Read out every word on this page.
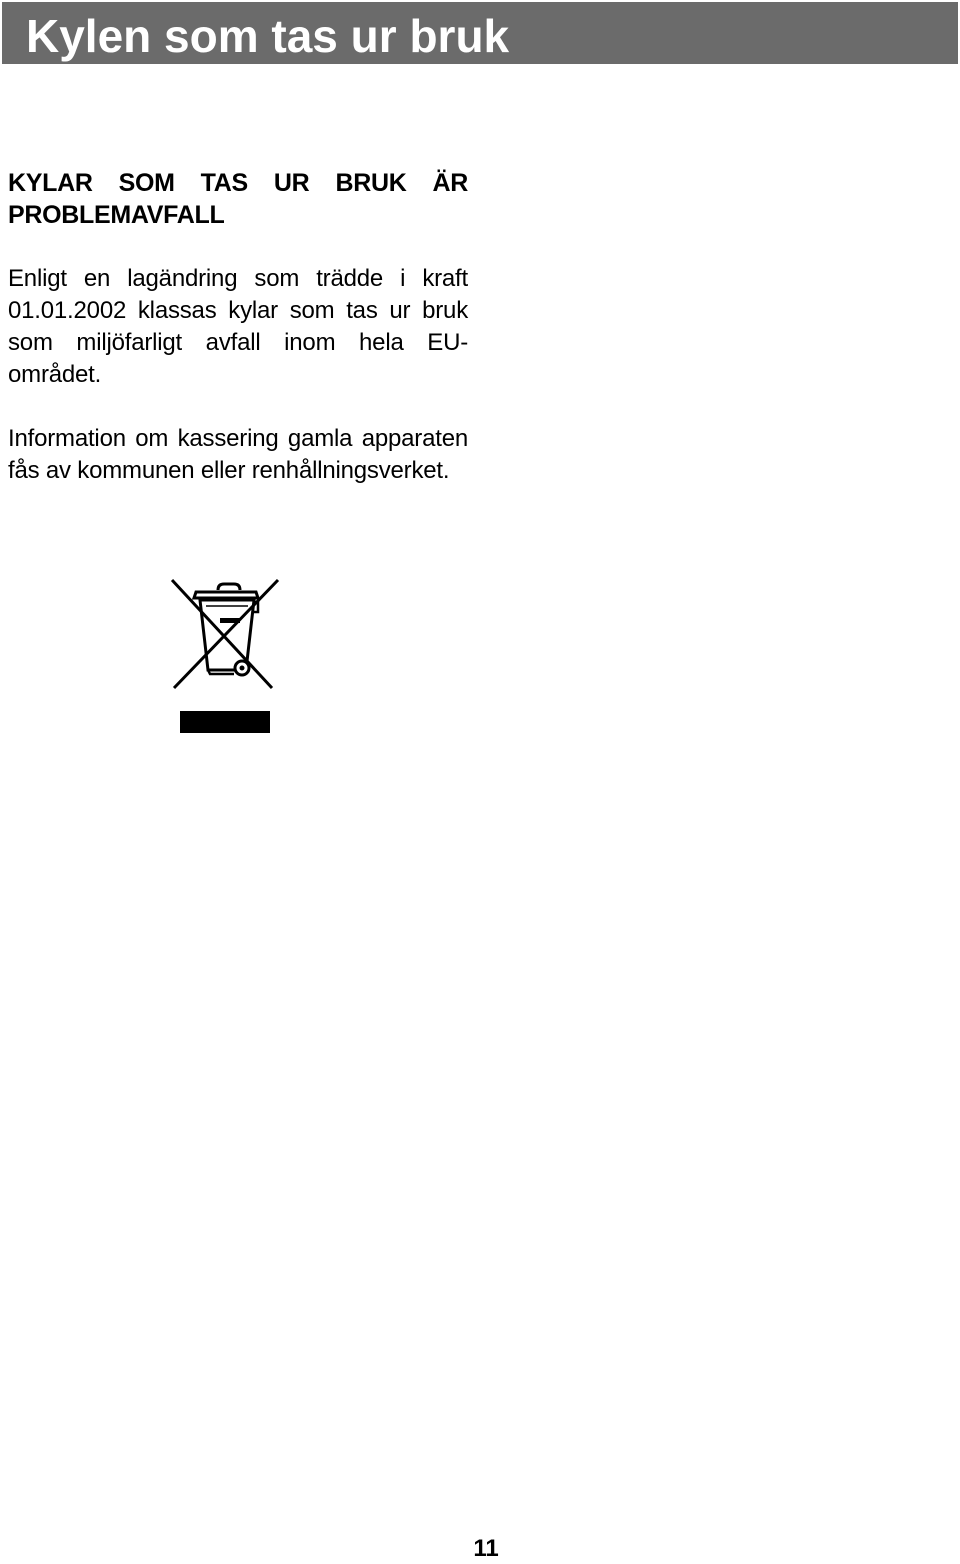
Kylen som tas ur bruk

KYLAR SOM TAS UR BRUK ÄR PROBLEMAVFALL

Enligt en lagändring som trädde i kraft 01.01.2002 klassas kylar som tas ur bruk som miljöfarligt avfall inom hela EU-området.

Information om kassering gamla apparaten fås av kommunen eller renhållningsverket.

11
